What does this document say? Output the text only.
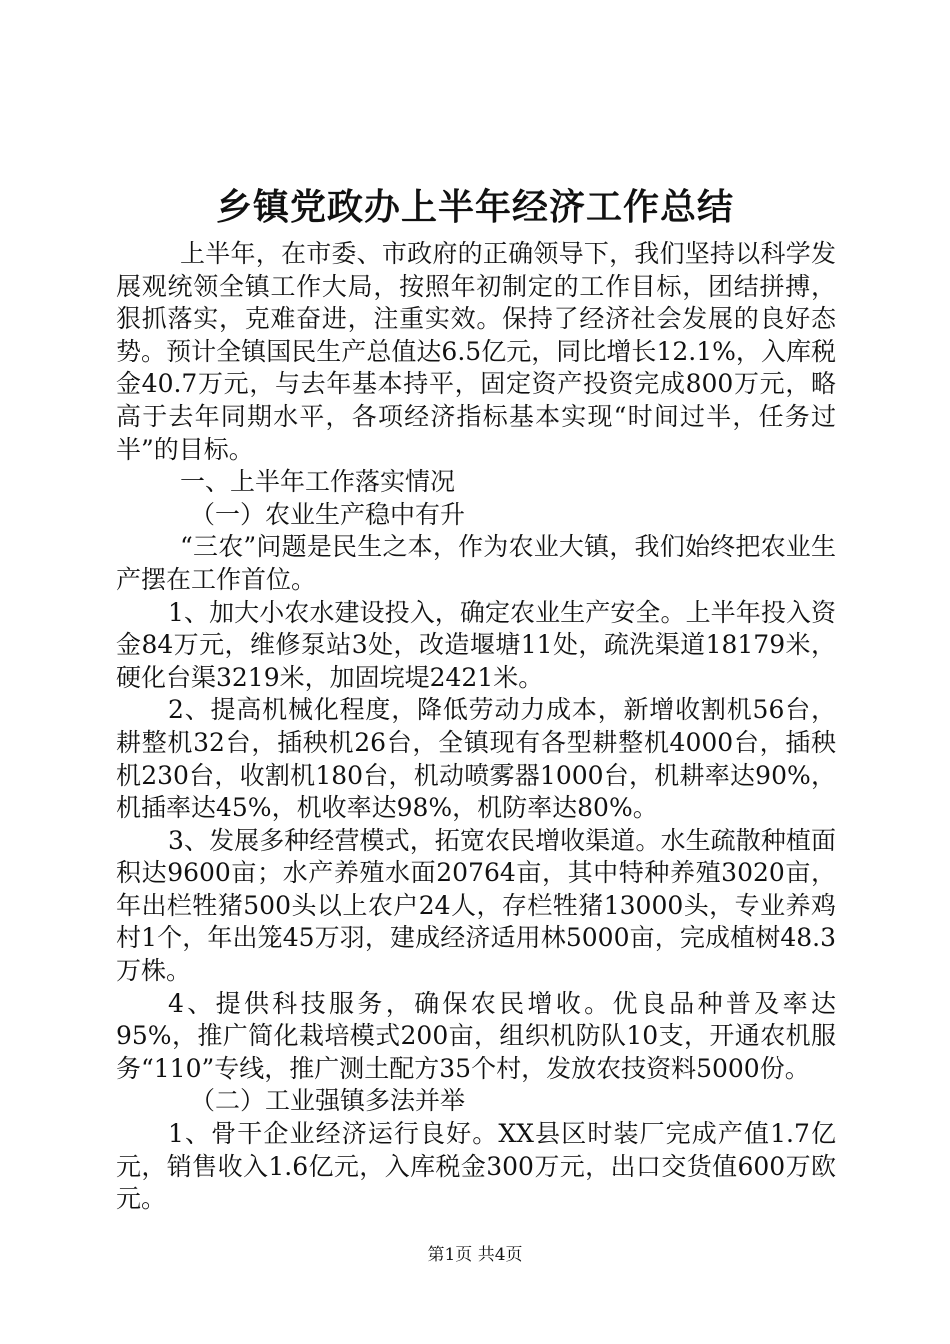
乡镇党政办上半年经济工作总结

上半年，在市委、市政府的正确领导下，我们坚持以科学发展观统领全镇工作大局，按照年初制定的工作目标，团结拼搏，狠抓落实，克难奋进，注重实效。保持了经济社会发展的良好态势。预计全镇国民生产总值达6.5亿元，同比增长12.1%，入库税金40.7万元，与去年基本持平，固定资产投资完成800万元，略高于去年同期水平，各项经济指标基本实现“时间过半，任务过半”的目标。

一、上半年工作落实情况

（一）农业生产稳中有升

“三农”问题是民生之本，作为农业大镇，我们始终把农业生产摆在工作首位。

1、加大小农水建设投入，确定农业生产安全。上半年投入资金84万元，维修泵站3处，改造堰塘11处，疏洗渠道18179米，硬化台渠3219米，加固垸堤2421米。

2、提高机械化程度，降低劳动力成本，新增收割机56台，耕整机32台，插秧机26台，全镇现有各型耕整机4000台，插秧机230台，收割机180台，机动喷雾器1000台，机耕率达90%，机插率达45%，机收率达98%，机防率达80%。

3、发展多种经营模式，拓宽农民增收渠道。水生疏散种植面积达9600亩；水产养殖水面20764亩，其中特种养殖3020亩，年出栏牲猪500头以上农户24人，存栏牲猪13000头，专业养鸡村1个，年出笼45万羽，建成经济适用林5000亩，完成植树48.3万株。

4、提供科技服务，确保农民增收。优良品种普及率达95%，推广简化栽培模式200亩，组织机防队10支，开通农机服务“110”专线，推广测土配方35个村，发放农技资料5000份。

（二）工业强镇多法并举

1、骨干企业经济运行良好。XX县区时装厂完成产值1.7亿元，销售收入1.6亿元，入库税金300万元，出口交货值600万欧元。

第1页 共4页
